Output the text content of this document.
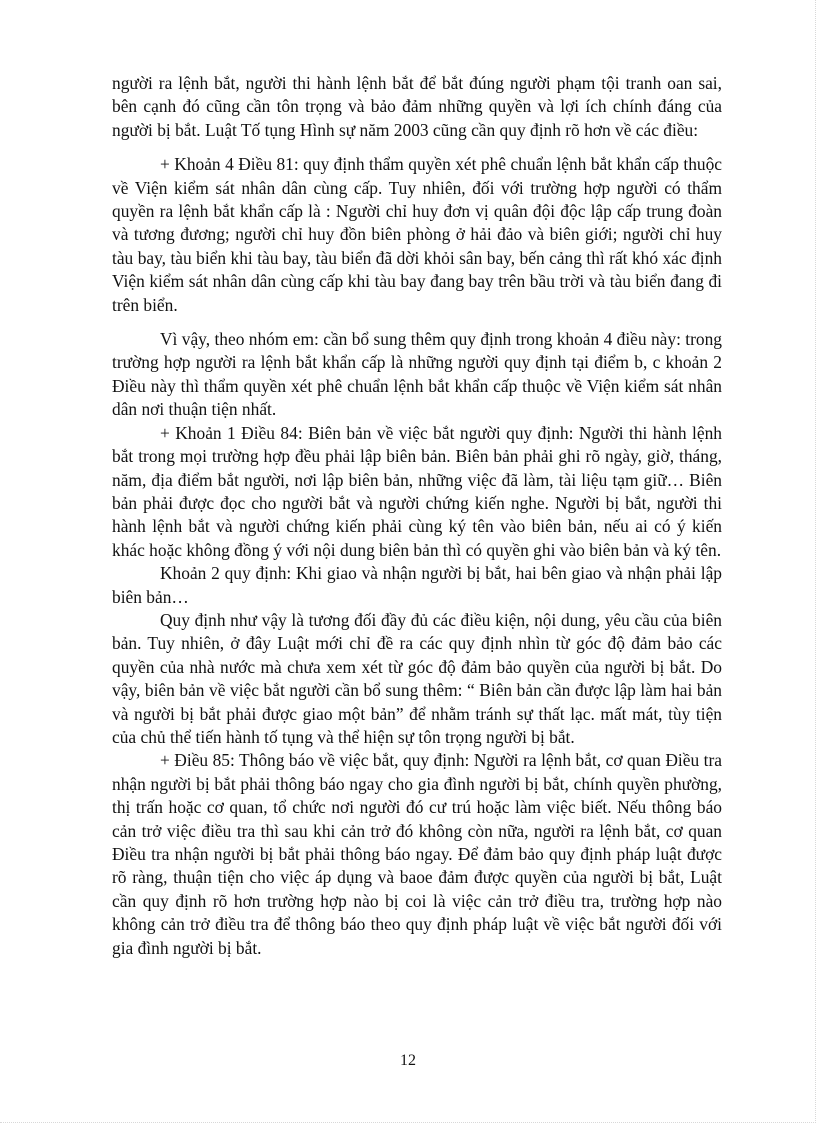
người ra lệnh bắt, người thi hành lệnh bắt để bắt đúng người phạm tội tranh oan sai, bên cạnh đó cũng cần tôn trọng và bảo đảm những quyền và lợi ích chính đáng của người bị bắt. Luật Tố tụng Hình sự năm 2003 cũng cần quy định rõ hơn về các điều:

+ Khoản 4 Điều 81: quy định thẩm quyền xét phê chuẩn lệnh bắt khẩn cấp thuộc về Viện kiểm sát nhân dân cùng cấp. Tuy nhiên, đối với trường hợp người có thẩm quyền ra lệnh bắt khẩn cấp là : Người chỉ huy đơn vị quân đội độc lập cấp trung đoàn và tương đương; người chỉ huy đồn biên phòng ở hải đảo và biên giới; người chỉ huy tàu bay, tàu biển khi tàu bay, tàu biển đã dời khỏi sân bay, bến cảng thì rất khó xác định Viện kiểm sát nhân dân cùng cấp khi tàu bay đang bay trên bầu trời và tàu biển đang đi trên biển.

Vì vậy, theo nhóm em: cần bổ sung thêm quy định trong khoản 4 điều này: trong trường hợp người ra lệnh bắt khẩn cấp là những người quy định tại điểm b, c khoản 2 Điều này thì thẩm quyền xét phê chuẩn lệnh bắt khẩn cấp thuộc về Viện kiểm sát nhân dân nơi thuận tiện nhất.

+ Khoản 1 Điều 84: Biên bản về việc bắt người quy định: Người thi hành lệnh bắt trong mọi trường hợp đều phải lập biên bản. Biên bản phải ghi rõ ngày, giờ, tháng, năm, địa điểm bắt người, nơi lập biên bản, những việc đã làm, tài liệu tạm giữ… Biên bản phải được đọc cho người bắt và người chứng kiến nghe. Người bị bắt, người thi hành lệnh bắt và người chứng kiến phải cùng ký tên vào biên bản, nếu ai có ý kiến khác hoặc không đồng ý với nội dung biên bản thì có quyền ghi vào biên bản và ký tên.

Khoản 2 quy định: Khi giao và nhận người bị bắt, hai bên giao và nhận phải lập biên bản…

Quy định như vậy là tương đối đầy đủ các điều kiện, nội dung, yêu cầu của biên bản. Tuy nhiên, ở đây Luật mới chỉ đề ra các quy định nhìn từ góc độ đảm bảo các quyền của nhà nước mà chưa xem xét từ góc độ đảm bảo quyền của người bị bắt. Do vậy, biên bản về việc bắt người cần bổ sung thêm: “ Biên bản cần được lập làm hai bản và người bị bắt phải được giao một bản” để nhằm tránh sự thất lạc. mất mát, tùy tiện của chủ thể tiến hành tố tụng và thể hiện sự tôn trọng người bị bắt.

+ Điều 85: Thông báo về việc bắt, quy định: Người ra lệnh bắt, cơ quan Điều tra nhận người bị bắt phải thông báo ngay cho gia đình người bị bắt, chính quyền phường, thị trấn hoặc cơ quan, tổ chức nơi người đó cư trú hoặc làm việc biết. Nếu thông báo cản trở việc điều tra thì sau khi cản trở đó không còn nữa, người ra lệnh bắt, cơ quan Điều tra nhận người bị bắt phải thông báo ngay. Để đảm bảo quy định pháp luật được rõ ràng, thuận tiện cho việc áp dụng và baoe đảm được quyền của người bị bắt, Luật cần quy định rõ hơn trường hợp nào bị coi là việc cản trở điều tra, trường hợp nào không cản trở điều tra để thông báo theo quy định pháp luật về việc bắt người đối với gia đình người bị bắt.

12
